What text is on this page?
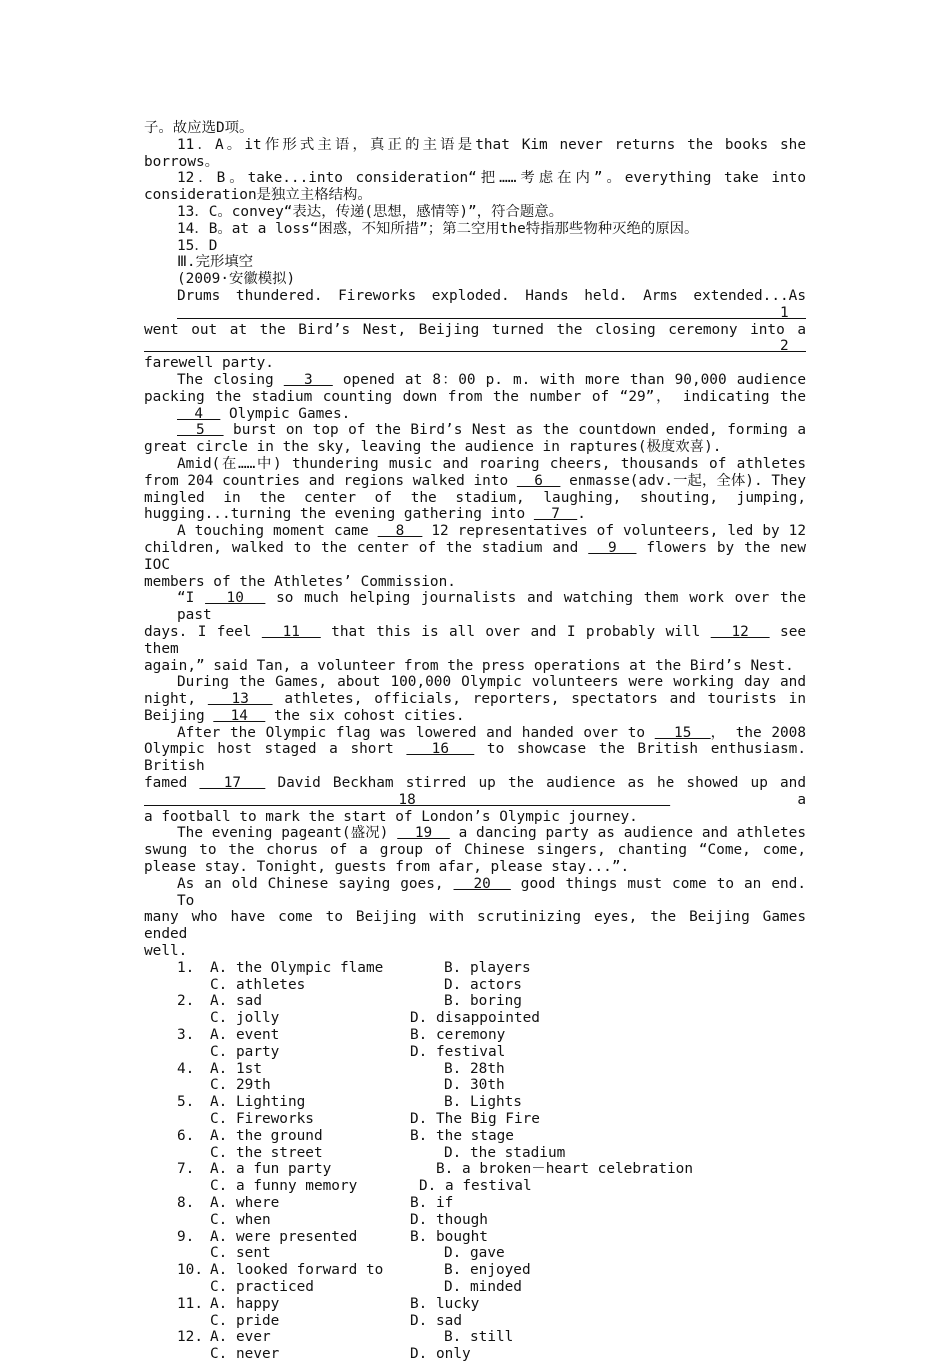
子。故应选D项。
11．A。it作形式主语，真正的主语是that Kim never returns the books she
borrows。
12．B。take...into consideration“把……考虑在内”。everything take into
consideration是独立主格结构。
13．C。convey“表达，传递(思想，感情等)”，符合题意。
14．B。at a loss“困惑，不知所措”；第二空用the特指那些物种灭绝的原因。
15．D
Ⅲ.完形填空
(2009·安徽模拟)
Drums thundered. Fireworks exploded. Hands held. Arms extended...As   1
went out at the Bird’s Nest, Beijing turned the closing ceremony into a   2
farewell party.
The closing   3   opened at 8：00 p. m. with more than 90,000 audience
packing the stadium counting down from the number of “29”， indicating the
4   Olympic Games.
5   burst on top of the Bird’s Nest as the countdown ended, forming a
great circle in the sky, leaving the audience in raptures(极度欢喜).
Amid(在……中) thundering music and roaring cheers, thousands of athletes
from 204 countries and regions walked into   6   enmasse(adv.一起，全体). They
mingled in the center of the stadium, laughing, shouting, jumping,
hugging...turning the evening gathering into   7  .
A touching moment came   8   12 representatives of volunteers, led by 12
children, walked to the center of the stadium and   9   flowers by the new IOC
members of the Athletes’ Commission.
“I   10   so much helping journalists and watching them work over the past
days. I feel   11   that this is all over and I probably will   12   see them
again,” said Tan, a volunteer from the press operations at the Bird’s Nest.
During the Games, about 100,000 Olympic volunteers were working day and
night,   13   athletes, officials, reporters, spectators and tourists in
Beijing   14   the six cohost cities.
After the Olympic flag was lowered and handed over to   15  ， the 2008
Olympic host staged a short   16   to showcase the British enthusiasm. British
famed   17   David Beckham stirred up the audience as he showed up and   18   a
a football to mark the start of London’s Olympic journey.
The evening pageant(盛况)   19   a dancing party as audience and athletes
swung to the chorus of a group of Chinese singers, chanting “Come, come,
please stay. Tonight, guests from afar, please stay...”.
As an old Chinese saying goes,   20   good things must come to an end. To
many who have come to Beijing with scrutinizing eyes, the Beijing Games ended
well.
1. A. the Olympic flame	B. players
C. athletes	D. actors
2. A. sad	B. boring
C. jolly	D. disappointed
3. A. event	B. ceremony
C. party	D. festival
4. A. 1st	B. 28th
C. 29th	D. 30th
5. A. Lighting	B. Lights
C. Fireworks	D. The Big Fire
6. A. the ground	B. the stage
C. the street	D. the stadium
7. A. a fun party	B. a broken－heart celebration
C. a funny memory	D. a festival
8. A. where	B. if
C. when	D. though
9. A. were presented	B. bought
C. sent	D. gave
10. A. looked forward to	B. enjoyed
C. practiced	D. minded
11. A. happy	B. lucky
C. pride	D. sad
12. A. ever	B. still
C. never	D. only
